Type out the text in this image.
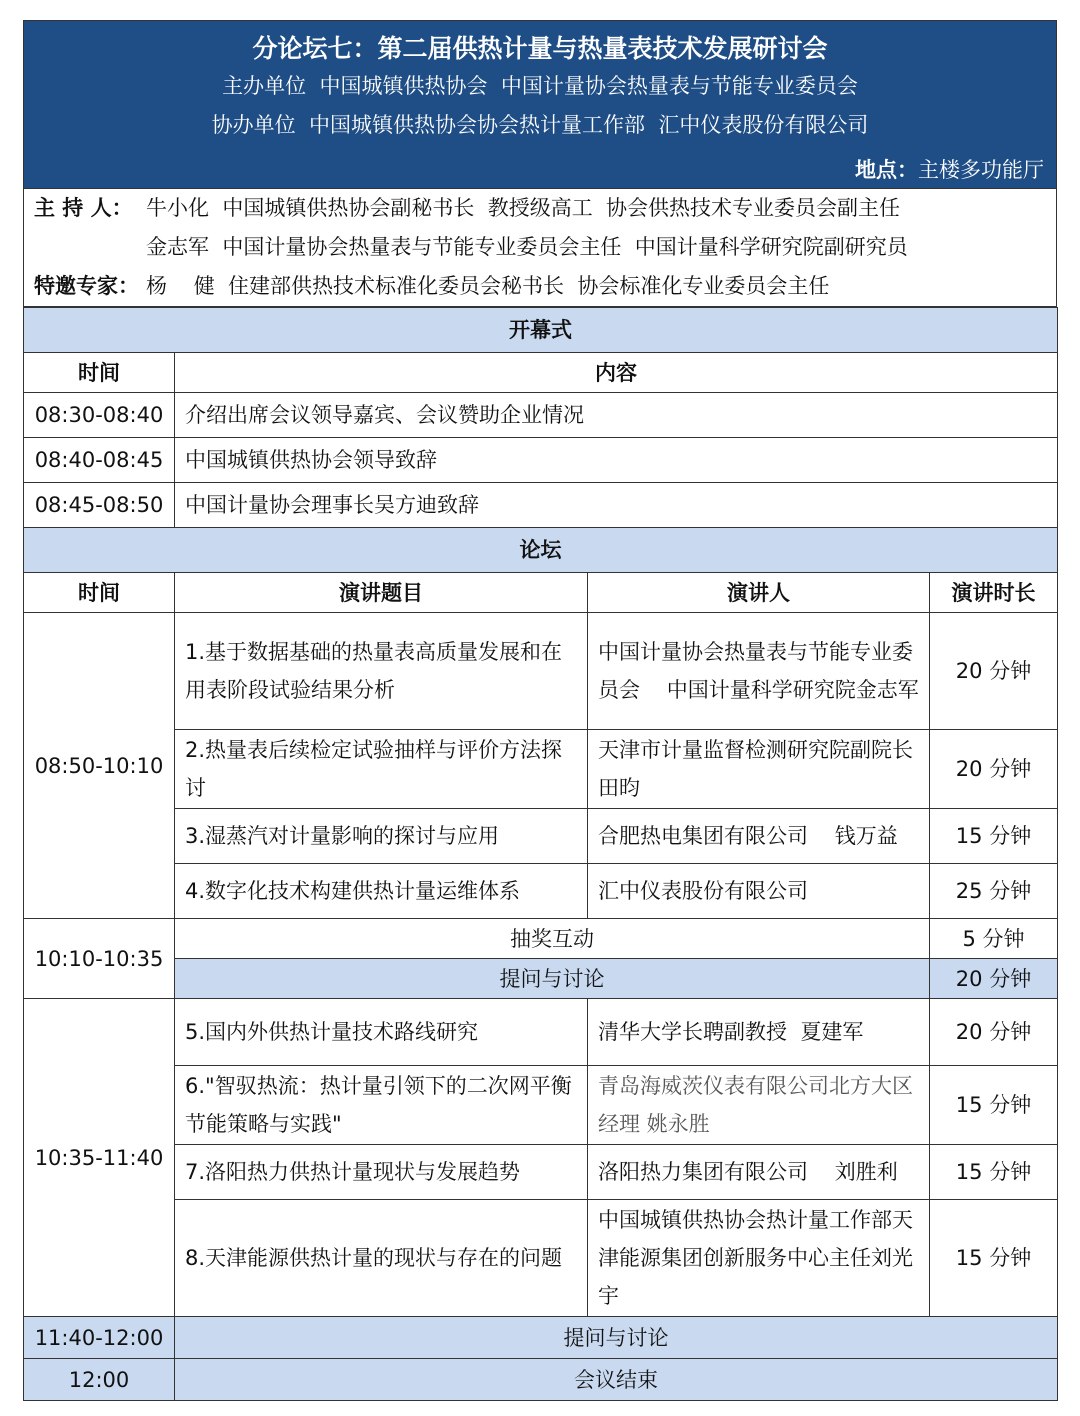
分论坛七：第二届供热计量与热量表技术发展研讨会
主办单位  中国城镇供热协会  中国计量协会热量表与节能专业委员会
协办单位  中国城镇供热协会协会热计量工作部  汇中仪表股份有限公司
地点：主楼多功能厅
主 持 人： 牛小化  中国城镇供热协会副秘书长  教授级高工  协会供热技术专业委员会副主任
金志军  中国计量协会热量表与节能专业委员会主任  中国计量科学研究院副研究员
特邀专家： 杨    健  住建部供热技术标准化委员会秘书长  协会标准化专业委员会主任
开幕式			
时间	内容		
08:30-08:40	介绍出席会议领导嘉宾、会议赞助企业情况		
08:40-08:45	中国城镇供热协会领导致辞		
08:45-08:50	中国计量协会理事长吴方迪致辞		
论坛			
时间	演讲题目	演讲人	演讲时长
08:50-10:10	1.基于数据基础的热量表高质量发展和在用表阶段试验结果分析	中国计量协会热量表与节能专业委员会    中国计量科学研究院金志军	20 分钟
	2.热量表后续检定试验抽样与评价方法探讨	天津市计量监督检测研究院副院长 田昀	20 分钟
	3.湿蒸汽对计量影响的探讨与应用	合肥热电集团有限公司    钱万益	15 分钟
	4.数字化技术构建供热计量运维体系	汇中仪表股份有限公司	25 分钟
10:10-10:35	抽奖互动		5 分钟
	提问与讨论		20 分钟
10:35-11:40	5.国内外供热计量技术路线研究	清华大学长聘副教授  夏建军	20 分钟
	6."智驭热流：热计量引领下的二次网平衡节能策略与实践"	青岛海威茨仪表有限公司北方大区经理 姚永胜	15 分钟
	7.洛阳热力供热计量现状与发展趋势	洛阳热力集团有限公司    刘胜利	15 分钟
	8.天津能源供热计量的现状与存在的问题	中国城镇供热协会热计量工作部天津能源集团创新服务中心主任刘光宇	15 分钟
11:40-12:00	提问与讨论		
12:00	会议结束		
